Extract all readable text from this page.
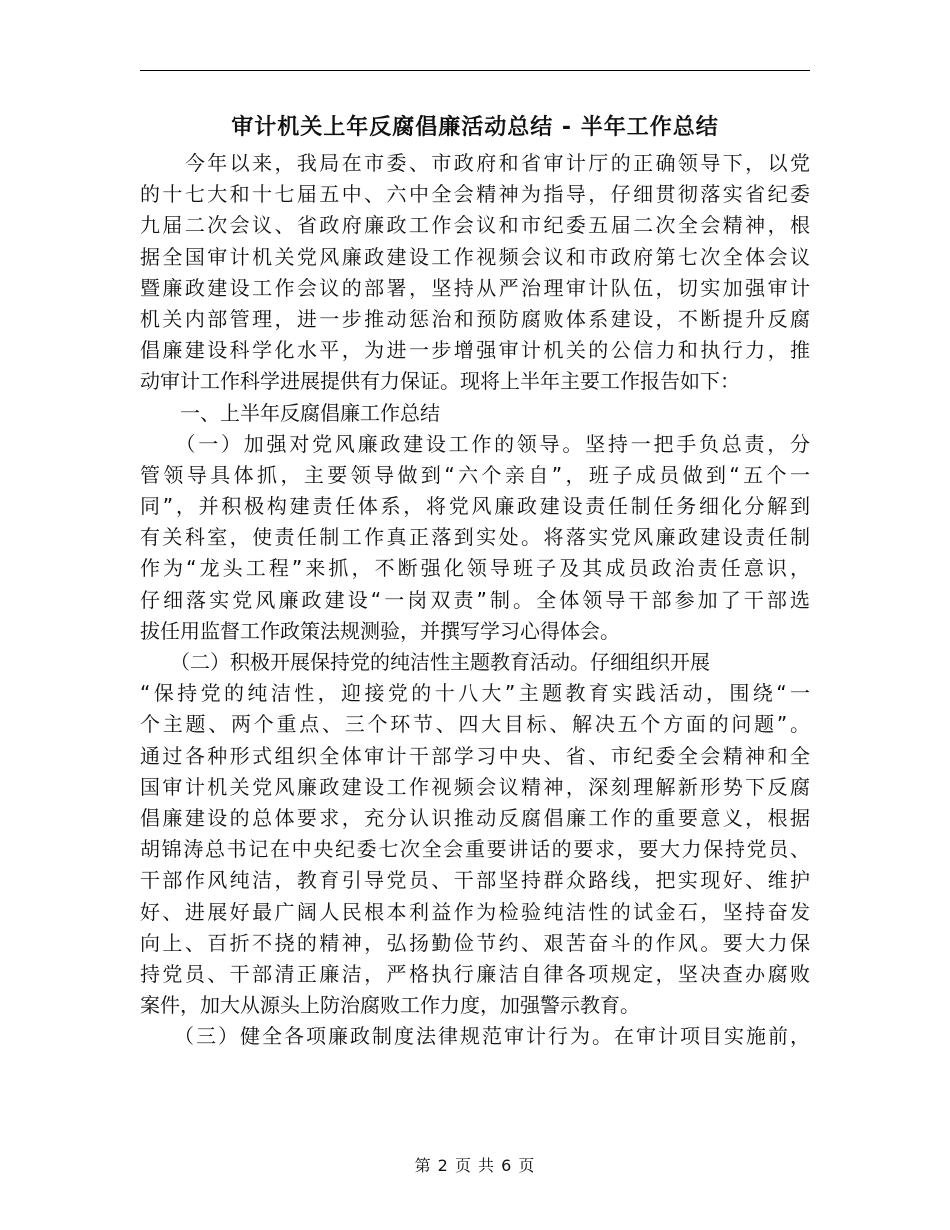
审计机关上年反腐倡廉活动总结 - 半年工作总结
　　今年以来，我局在市委、市政府和省审计厅的正确领导下，以党
的十七大和十七届五中、六中全会精神为指导，仔细贯彻落实省纪委
九届二次会议、省政府廉政工作会议和市纪委五届二次全会精神，根
据全国审计机关党风廉政建设工作视频会议和市政府第七次全体会议
暨廉政建设工作会议的部署，坚持从严治理审计队伍，切实加强审计
机关内部管理，进一步推动惩治和预防腐败体系建设，不断提升反腐
倡廉建设科学化水平，为进一步增强审计机关的公信力和执行力，推
动审计工作科学进展提供有力保证。现将上半年主要工作报告如下：
　　一、上半年反腐倡廉工作总结
　　（一）加强对党风廉政建设工作的领导。坚持一把手负总责，分
管领导具体抓，主要领导做到“六个亲自”，班子成员做到“五个一
同”，并积极构建责任体系，将党风廉政建设责任制任务细化分解到
有关科室，使责任制工作真正落到实处。将落实党风廉政建设责任制
作为“龙头工程”来抓，不断强化领导班子及其成员政治责任意识，
仔细落实党风廉政建设“一岗双责”制。全体领导干部参加了干部选
拔任用监督工作政策法规测验，并撰写学习心得体会。
　　（二）积极开展保持党的纯洁性主题教育活动。仔细组织开展
“保持党的纯洁性，迎接党的十八大”主题教育实践活动，围绕“一
个主题、两个重点、三个环节、四大目标、解决五个方面的问题”。
通过各种形式组织全体审计干部学习中央、省、市纪委全会精神和全
国审计机关党风廉政建设工作视频会议精神，深刻理解新形势下反腐
倡廉建设的总体要求，充分认识推动反腐倡廉工作的重要意义，根据
胡锦涛总书记在中央纪委七次全会重要讲话的要求，要大力保持党员、
干部作风纯洁，教育引导党员、干部坚持群众路线，把实现好、维护
好、进展好最广阔人民根本利益作为检验纯洁性的试金石，坚持奋发
向上、百折不挠的精神，弘扬勤俭节约、艰苦奋斗的作风。要大力保
持党员、干部清正廉洁，严格执行廉洁自律各项规定，坚决查办腐败
案件，加大从源头上防治腐败工作力度，加强警示教育。
　　（三）健全各项廉政制度法律规范审计行为。在审计项目实施前，
第 2 页 共 6 页
